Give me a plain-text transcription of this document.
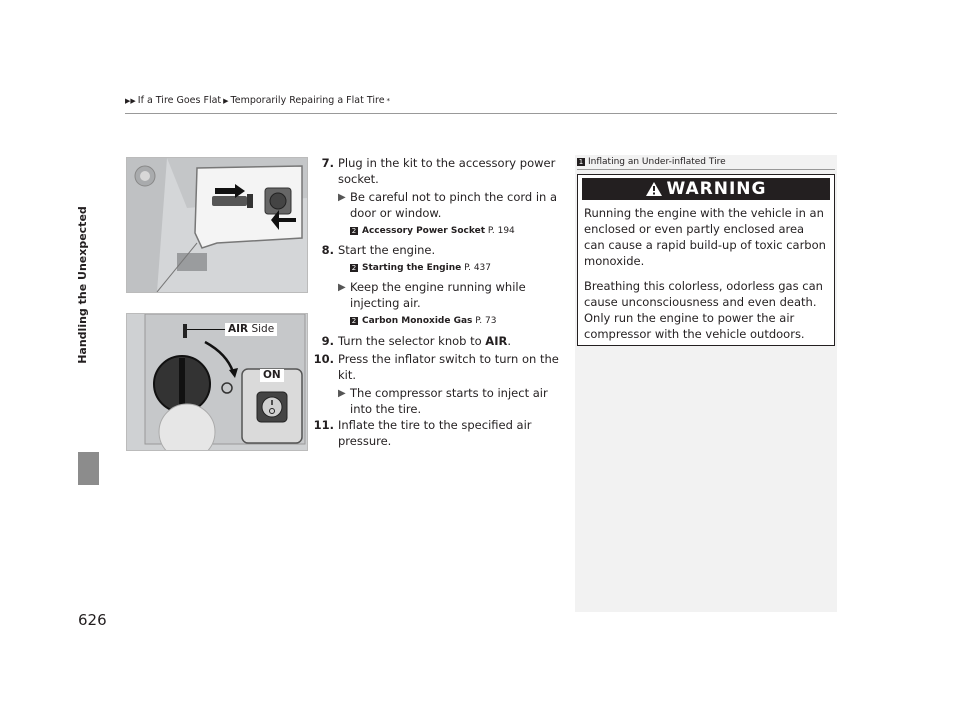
▶▶ If a Tire Goes Flat ▶ Temporarily Repairing a Flat Tire *
Handling the Unexpected
626
AIR Side
ON
7. Plug in the kit to the accessory power socket.
▶ Be careful not to pinch the cord in a door or window.
2 Accessory Power Socket P. 194
8. Start the engine.
2 Starting the Engine P. 437
▶ Keep the engine running while injecting air.
2 Carbon Monoxide Gas P. 73
9. Turn the selector knob to AIR.
10. Press the inflator switch to turn on the kit.
▶ The compressor starts to inject air into the tire.
11. Inflate the tire to the specified air pressure.
1 Inflating an Under-inflated Tire
WARNING

Running the engine with the vehicle in an enclosed or even partly enclosed area can cause a rapid build-up of toxic carbon monoxide.

Breathing this colorless, odorless gas can cause unconsciousness and even death. Only run the engine to power the air compressor with the vehicle outdoors.
